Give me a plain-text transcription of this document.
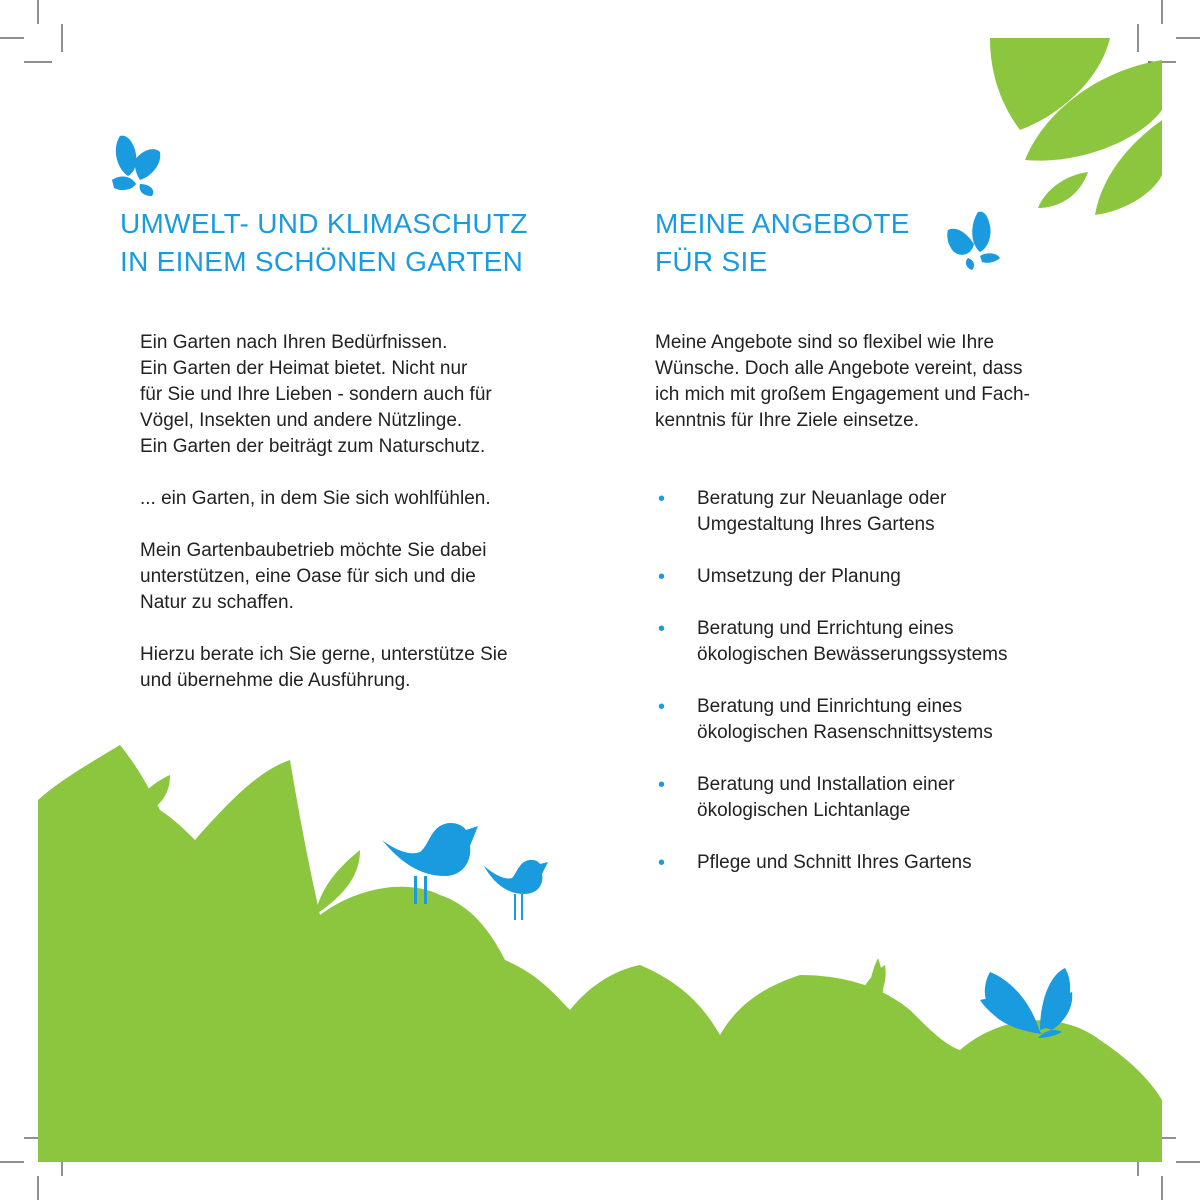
UMWELT- UND KLIMASCHUTZ
IN EINEM SCHÖNEN GARTEN

Ein Garten nach Ihren Bedürfnissen.
Ein Garten der Heimat bietet. Nicht nur
für Sie und Ihre Lieben - sondern auch für
Vögel, Insekten und andere Nützlinge.
Ein Garten der beiträgt zum Naturschutz.

... ein Garten, in dem Sie sich wohlfühlen.

Mein Gartenbaubetrieb möchte Sie dabei
unterstützen, eine Oase für sich und die
Natur zu schaffen.

Hierzu berate ich Sie gerne, unterstütze Sie
und übernehme die Ausführung.

MEINE ANGEBOTE
FÜR SIE

Meine Angebote sind so flexibel wie Ihre
Wünsche. Doch alle Angebote vereint, dass
ich mich mit großem Engagement und Fach-
kenntnis für Ihre Ziele einsetze.

• Beratung zur Neuanlage oder
Umgestaltung Ihres Gartens
• Umsetzung der Planung
• Beratung und Errichtung eines
ökologischen Bewässerungssystems
• Beratung und Einrichtung eines
ökologischen Rasenschnittsystems
• Beratung und Installation einer
ökologischen Lichtanlage
• Pflege und Schnitt Ihres Gartens
